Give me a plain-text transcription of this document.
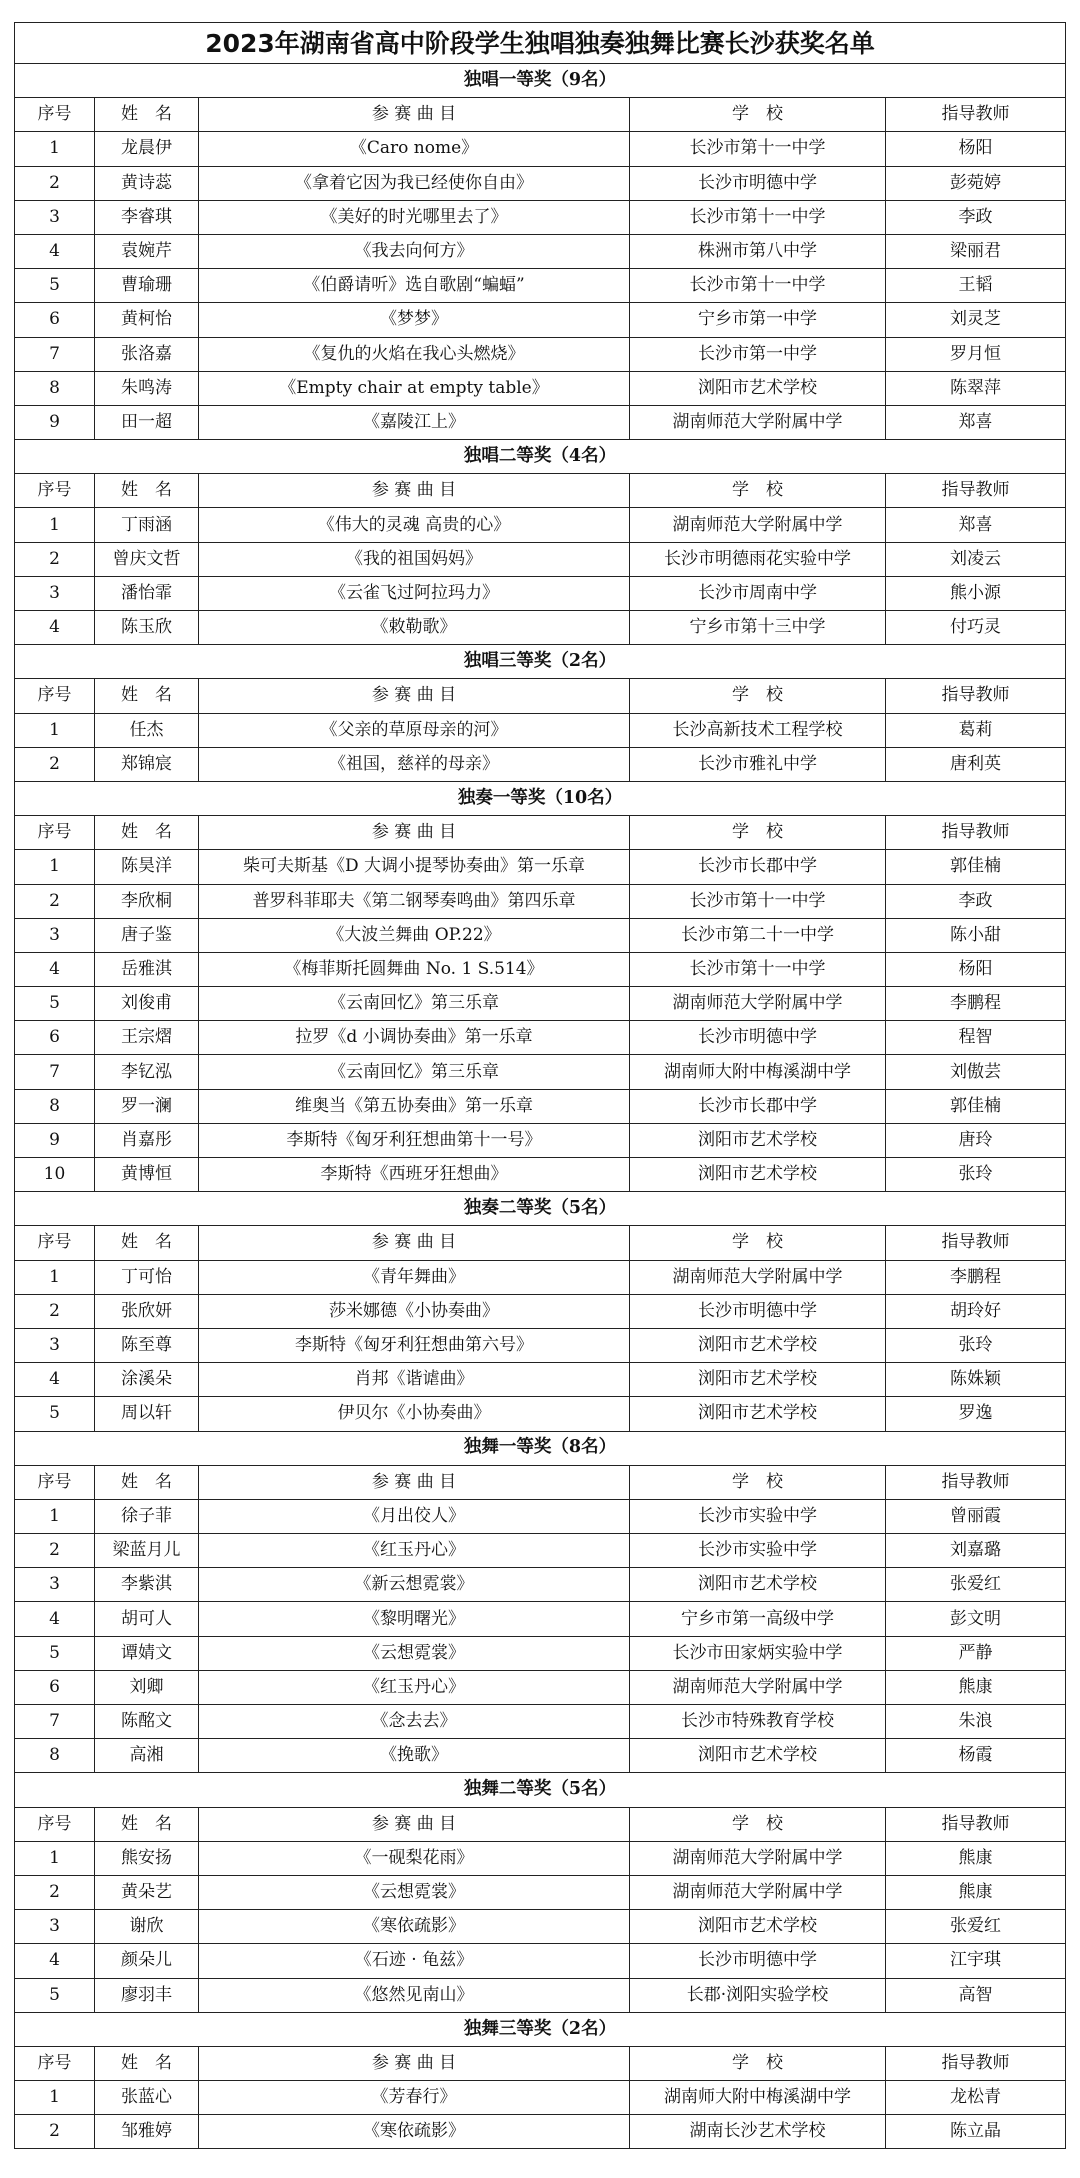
2023年湖南省高中阶段学生独唱独奏独舞比赛长沙获奖名单				
独唱一等奖（9名）				
序号	姓　名	参 赛 曲 目	学　校	指导教师
1	龙晨伊	《Caro nome》	长沙市第十一中学	杨阳
2	黄诗蕊	《拿着它因为我已经使你自由》	长沙市明德中学	彭菀婷
3	李睿琪	《美好的时光哪里去了》	长沙市第十一中学	李政
4	袁婉芹	《我去向何方》	株洲市第八中学	梁丽君
5	曹瑜珊	《伯爵请听》选自歌剧“蝙蝠”	长沙市第十一中学	王韬
6	黄柯怡	《梦梦》	宁乡市第一中学	刘灵芝
7	张洛嘉	《复仇的火焰在我心头燃烧》	长沙市第一中学	罗月恒
8	朱鸣涛	《Empty chair at empty table》	浏阳市艺术学校	陈翠萍
9	田一超	《嘉陵江上》	湖南师范大学附属中学	郑喜
独唱二等奖（4名）				
序号	姓　名	参 赛 曲 目	学　校	指导教师
1	丁雨涵	《伟大的灵魂 高贵的心》	湖南师范大学附属中学	郑喜
2	曾庆文哲	《我的祖国妈妈》	长沙市明德雨花实验中学	刘凌云
3	潘怡霏	《云雀飞过阿拉玛力》	长沙市周南中学	熊小源
4	陈玉欣	《敕勒歌》	宁乡市第十三中学	付巧灵
独唱三等奖（2名）				
序号	姓　名	参 赛 曲 目	学　校	指导教师
1	任杰	《父亲的草原母亲的河》	长沙高新技术工程学校	葛莉
2	郑锦宸	《祖国，慈祥的母亲》	长沙市雅礼中学	唐利英
独奏一等奖（10名）				
序号	姓　名	参 赛 曲 目	学　校	指导教师
1	陈昊洋	柴可夫斯基《D 大调小提琴协奏曲》第一乐章	长沙市长郡中学	郭佳楠
2	李欣桐	普罗科菲耶夫《第二钢琴奏鸣曲》第四乐章	长沙市第十一中学	李政
3	唐子鉴	《大波兰舞曲 OP.22》	长沙市第二十一中学	陈小甜
4	岳雅淇	《梅菲斯托圆舞曲 No. 1 S.514》	长沙市第十一中学	杨阳
5	刘俊甫	《云南回忆》第三乐章	湖南师范大学附属中学	李鹏程
6	王宗熠	拉罗《d 小调协奏曲》第一乐章	长沙市明德中学	程智
7	李钇泓	《云南回忆》第三乐章	湖南师大附中梅溪湖中学	刘傲芸
8	罗一澜	维奥当《第五协奏曲》第一乐章	长沙市长郡中学	郭佳楠
9	肖嘉彤	李斯特《匈牙利狂想曲第十一号》	浏阳市艺术学校	唐玲
10	黄博恒	李斯特《西班牙狂想曲》	浏阳市艺术学校	张玲
独奏二等奖（5名）				
序号	姓　名	参 赛 曲 目	学　校	指导教师
1	丁可怡	《青年舞曲》	湖南师范大学附属中学	李鹏程
2	张欣妍	莎米娜德《小协奏曲》	长沙市明德中学	胡玲好
3	陈至尊	李斯特《匈牙利狂想曲第六号》	浏阳市艺术学校	张玲
4	涂溪朵	肖邦《谐谑曲》	浏阳市艺术学校	陈姝颖
5	周以轩	伊贝尔《小协奏曲》	浏阳市艺术学校	罗逸
独舞一等奖（8名）				
序号	姓　名	参 赛 曲 目	学　校	指导教师
1	徐子菲	《月出佼人》	长沙市实验中学	曾丽霞
2	梁蓝月儿	《红玉丹心》	长沙市实验中学	刘嘉璐
3	李紫淇	《新云想霓裳》	浏阳市艺术学校	张爱红
4	胡可人	《黎明曙光》	宁乡市第一高级中学	彭文明
5	谭婧文	《云想霓裳》	长沙市田家炳实验中学	严静
6	刘卿	《红玉丹心》	湖南师范大学附属中学	熊康
7	陈酩文	《念去去》	长沙市特殊教育学校	朱浪
8	高湘	《挽歌》	浏阳市艺术学校	杨霞
独舞二等奖（5名）				
序号	姓　名	参 赛 曲 目	学　校	指导教师
1	熊安扬	《一砚梨花雨》	湖南师范大学附属中学	熊康
2	黄朵艺	《云想霓裳》	湖南师范大学附属中学	熊康
3	谢欣	《寒依疏影》	浏阳市艺术学校	张爱红
4	颜朵儿	《石迹 · 龟兹》	长沙市明德中学	江宇琪
5	廖羽丰	《悠然见南山》	长郡·浏阳实验学校	高智
独舞三等奖（2名）				
序号	姓　名	参 赛 曲 目	学　校	指导教师
1	张蓝心	《芳春行》	湖南师大附中梅溪湖中学	龙松青
2	邹雅婷	《寒依疏影》	湖南长沙艺术学校	陈立晶
